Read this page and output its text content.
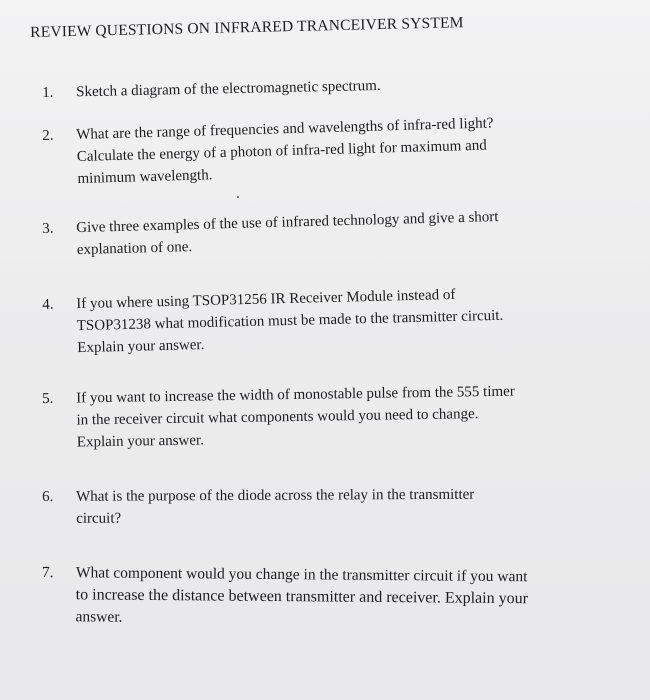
REVIEW QUESTIONS ON INFRARED TRANCEIVER SYSTEM
1.	Sketch a diagram of the electromagnetic spectrum.
2.	What are the range of frequencies and wavelengths of infra-red light?
Calculate the energy of a photon of infra-red light for maximum and
minimum wavelength.
3.	Give three examples of the use of infrared technology and give a short
explanation of one.
4.	If you where using TSOP31256 IR Receiver Module instead of
TSOP31238 what modification must be made to the transmitter circuit.
Explain your answer.
5.	If you want to increase the width of monostable pulse from the 555 timer
in the receiver circuit what components would you need to change.
Explain your answer.
6.	What is the purpose of the diode across the relay in the transmitter
circuit?
7.	What component would you change in the transmitter circuit if you want
to increase the distance between transmitter and receiver. Explain your
answer.
